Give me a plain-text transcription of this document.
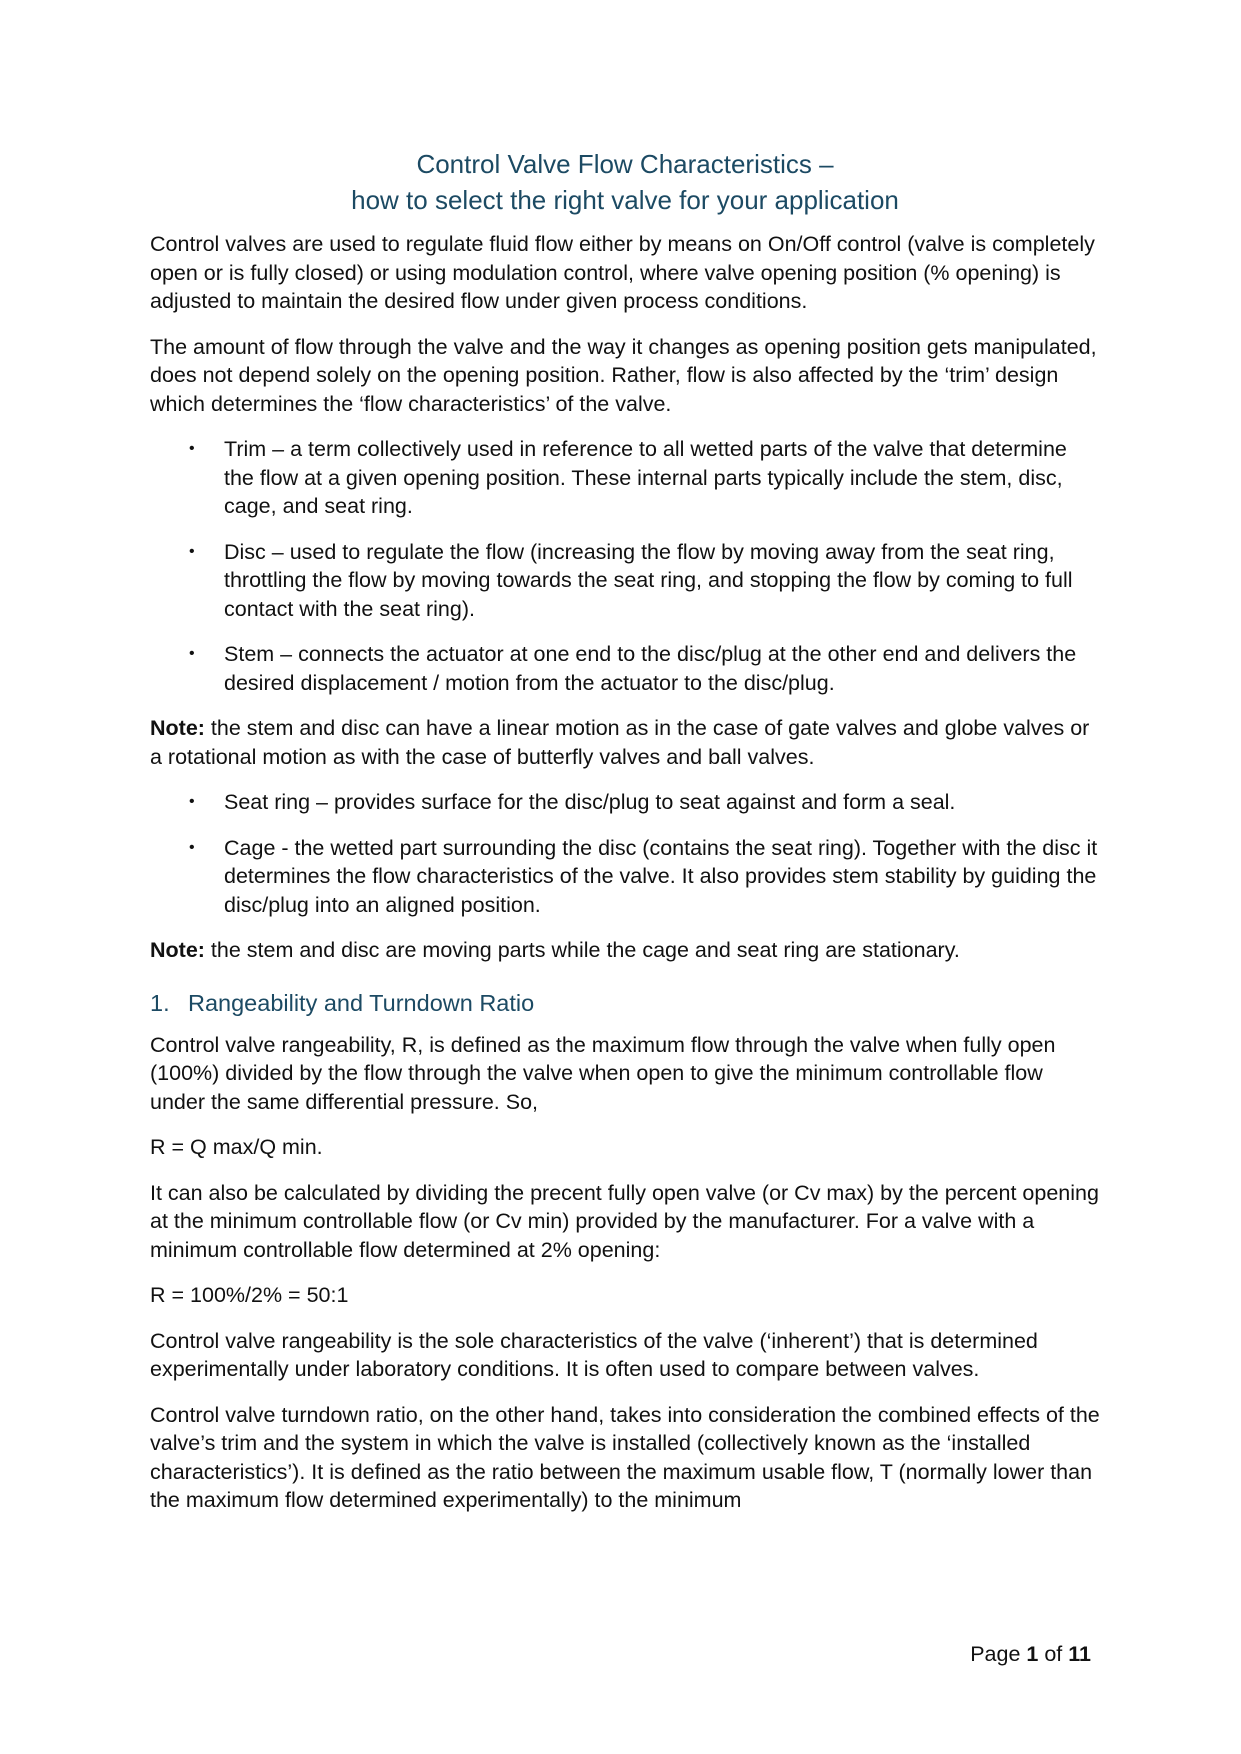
Control Valve Flow Characteristics –
how to select the right valve for your application

Control valves are used to regulate fluid flow either by means on On/Off control (valve is completely open or is fully closed) or using modulation control, where valve opening position (% opening) is adjusted to maintain the desired flow under given process conditions.

The amount of flow through the valve and the way it changes as opening position gets manipulated, does not depend solely on the opening position. Rather, flow is also affected by the ‘trim’ design which determines the ‘flow characteristics’ of the valve.

• Trim – a term collectively used in reference to all wetted parts of the valve that determine the flow at a given opening position. These internal parts typically include the stem, disc, cage, and seat ring.
• Disc – used to regulate the flow (increasing the flow by moving away from the seat ring, throttling the flow by moving towards the seat ring, and stopping the flow by coming to full contact with the seat ring).
• Stem – connects the actuator at one end to the disc/plug at the other end and delivers the desired displacement / motion from the actuator to the disc/plug.

Note: the stem and disc can have a linear motion as in the case of gate valves and globe valves or a rotational motion as with the case of butterfly valves and ball valves.

• Seat ring – provides surface for the disc/plug to seat against and form a seal.
• Cage - the wetted part surrounding the disc (contains the seat ring). Together with the disc it determines the flow characteristics of the valve. It also provides stem stability by guiding the disc/plug into an aligned position.

Note: the stem and disc are moving parts while the cage and seat ring are stationary.

1. Rangeability and Turndown Ratio

Control valve rangeability, R, is defined as the maximum flow through the valve when fully open (100%) divided by the flow through the valve when open to give the minimum controllable flow under the same differential pressure. So,

R = Q max/Q min.

It can also be calculated by dividing the precent fully open valve (or Cv max) by the percent opening at the minimum controllable flow (or Cv min) provided by the manufacturer. For a valve with a minimum controllable flow determined at 2% opening:

R = 100%/2% = 50:1

Control valve rangeability is the sole characteristics of the valve (‘inherent’) that is determined experimentally under laboratory conditions. It is often used to compare between valves.

Control valve turndown ratio, on the other hand, takes into consideration the combined effects of the valve’s trim and the system in which the valve is installed (collectively known as the ‘installed characteristics’). It is defined as the ratio between the maximum usable flow, T (normally lower than the maximum flow determined experimentally) to the minimum

Page 1 of 11
